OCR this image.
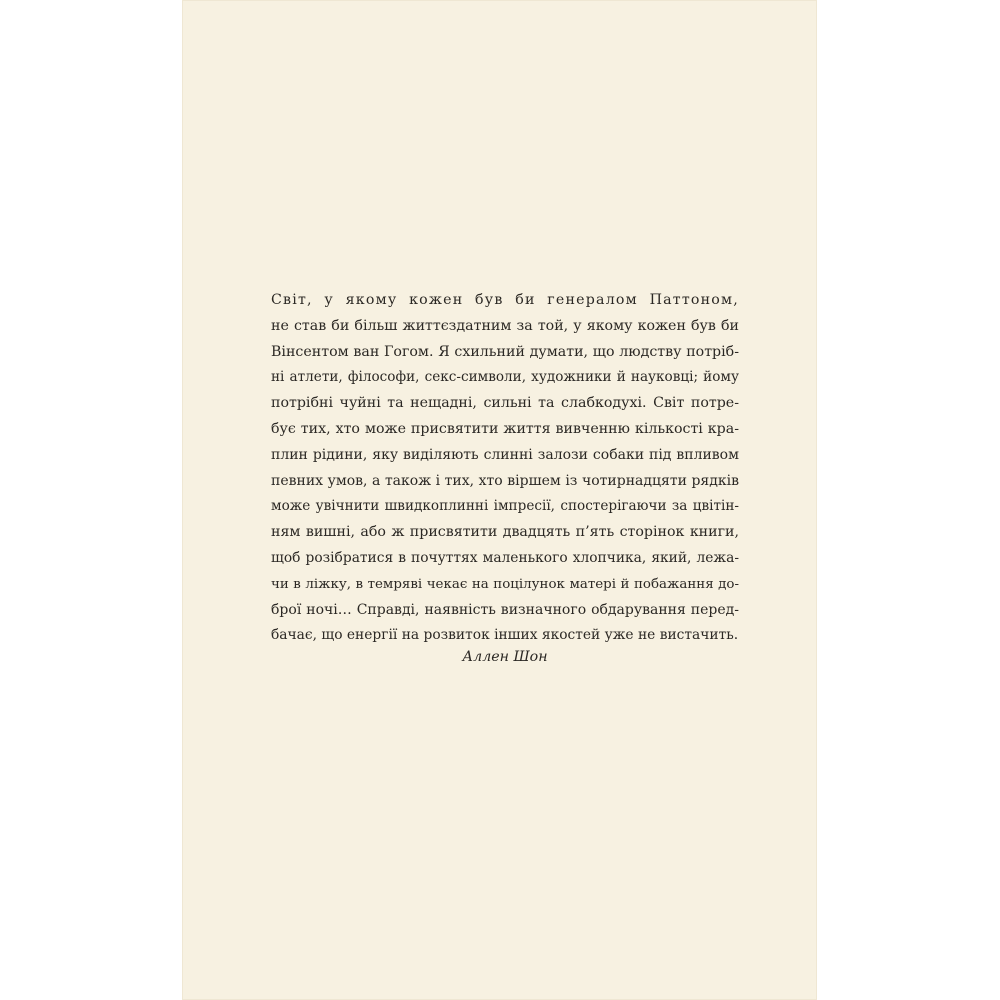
Світ, у якому кожен був би генералом Паттоном,
не став би більш життєздатним за той, у якому кожен був би
Вінсентом ван Гогом. Я схильний думати, що людству потріб-
ні атлети, філософи, секс-символи, художники й науковці; йому
потрібні чуйні та нещадні, сильні та слабкодухі. Світ потре-
бує тих, хто може присвятити життя вивченню кількості кра-
плин рідини, яку виділяють слинні залози собаки під впливом
певних умов, а також і тих, хто віршем із чотирнадцяти рядків
може увічнити швидкоплинні імпресії, спостерігаючи за цвітін-
ням вишні, або ж присвятити двадцять п’ять сторінок книги,
щоб розібратися в почуттях маленького хлопчика, який, лежа-
чи в ліжку, в темряві чекає на поцілунок матері й побажання до-
брої ночі… Справді, наявність визначного обдарування перед-
бачає, що енергії на розвиток інших якостей уже не вистачить.
Аллен Шон
